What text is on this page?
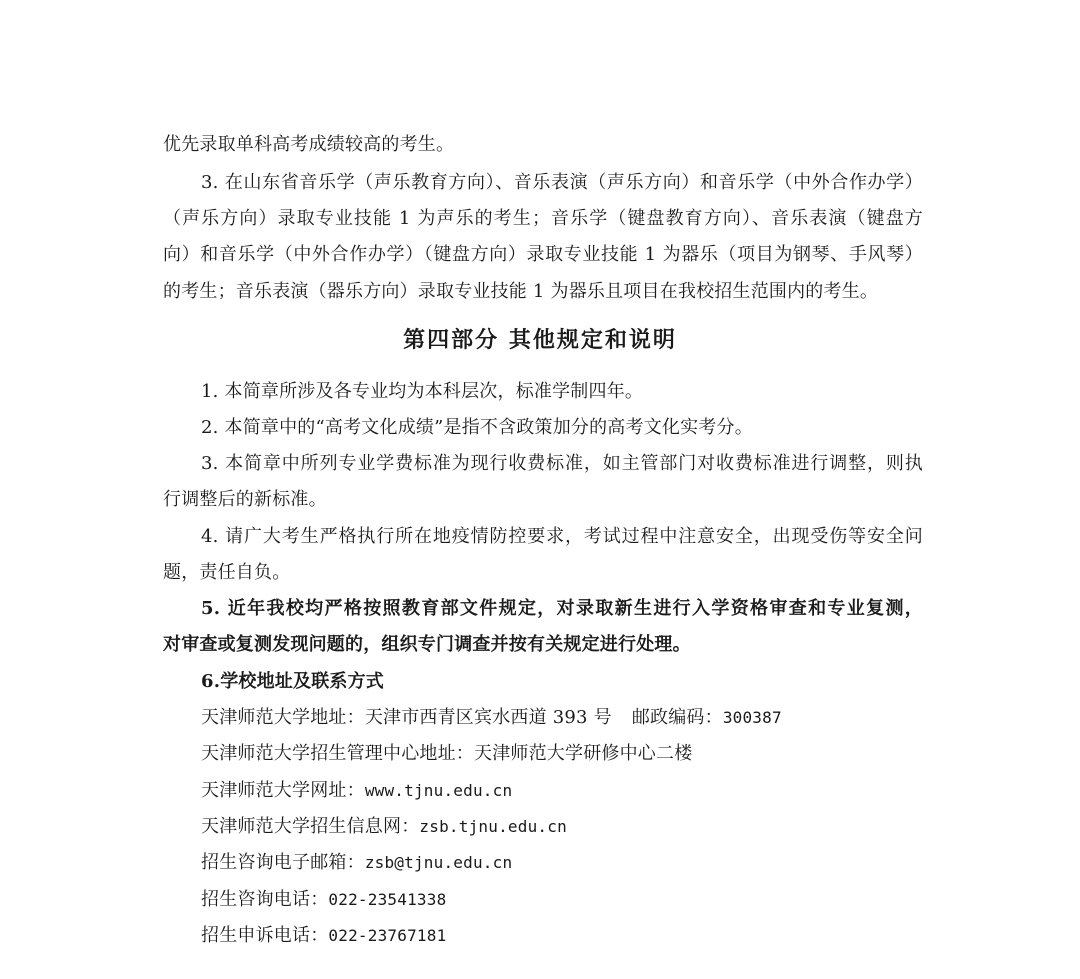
优先录取单科高考成绩较高的考生。
3. 在山东省音乐学（声乐教育方向）、音乐表演（声乐方向）和音乐学（中外合作办学）
（声乐方向）录取专业技能 1 为声乐的考生；音乐学（键盘教育方向）、音乐表演（键盘方
向）和音乐学（中外合作办学）（键盘方向）录取专业技能 1 为器乐（项目为钢琴、手风琴）
的考生；音乐表演（器乐方向）录取专业技能 1 为器乐且项目在我校招生范围内的考生。
第四部分 其他规定和说明
1. 本简章所涉及各专业均为本科层次，标准学制四年。
2. 本简章中的“高考文化成绩”是指不含政策加分的高考文化实考分。
3. 本简章中所列专业学费标准为现行收费标准，如主管部门对收费标准进行调整，则执
行调整后的新标准。
4. 请广大考生严格执行所在地疫情防控要求，考试过程中注意安全，出现受伤等安全问
题，责任自负。
5. 近年我校均严格按照教育部文件规定，对录取新生进行入学资格审查和专业复测，
对审查或复测发现问题的，组织专门调查并按有关规定进行处理。
6.学校地址及联系方式
天津师范大学地址：天津市西青区宾水西道 393 号 邮政编码：300387
天津师范大学招生管理中心地址：天津师范大学研修中心二楼
天津师范大学网址：www.tjnu.edu.cn
天津师范大学招生信息网：zsb.tjnu.edu.cn
招生咨询电子邮箱：zsb@tjnu.edu.cn
招生咨询电话：022-23541338
招生申诉电话：022-23767181
